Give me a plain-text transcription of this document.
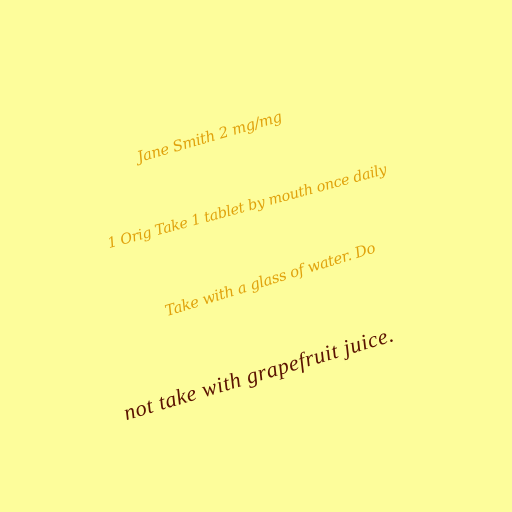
Jane Smith 2 mg/mg
1 Orig Take 1 tablet by mouth once daily
Take with a glass of water. Do
not take with grapefruit juice.
